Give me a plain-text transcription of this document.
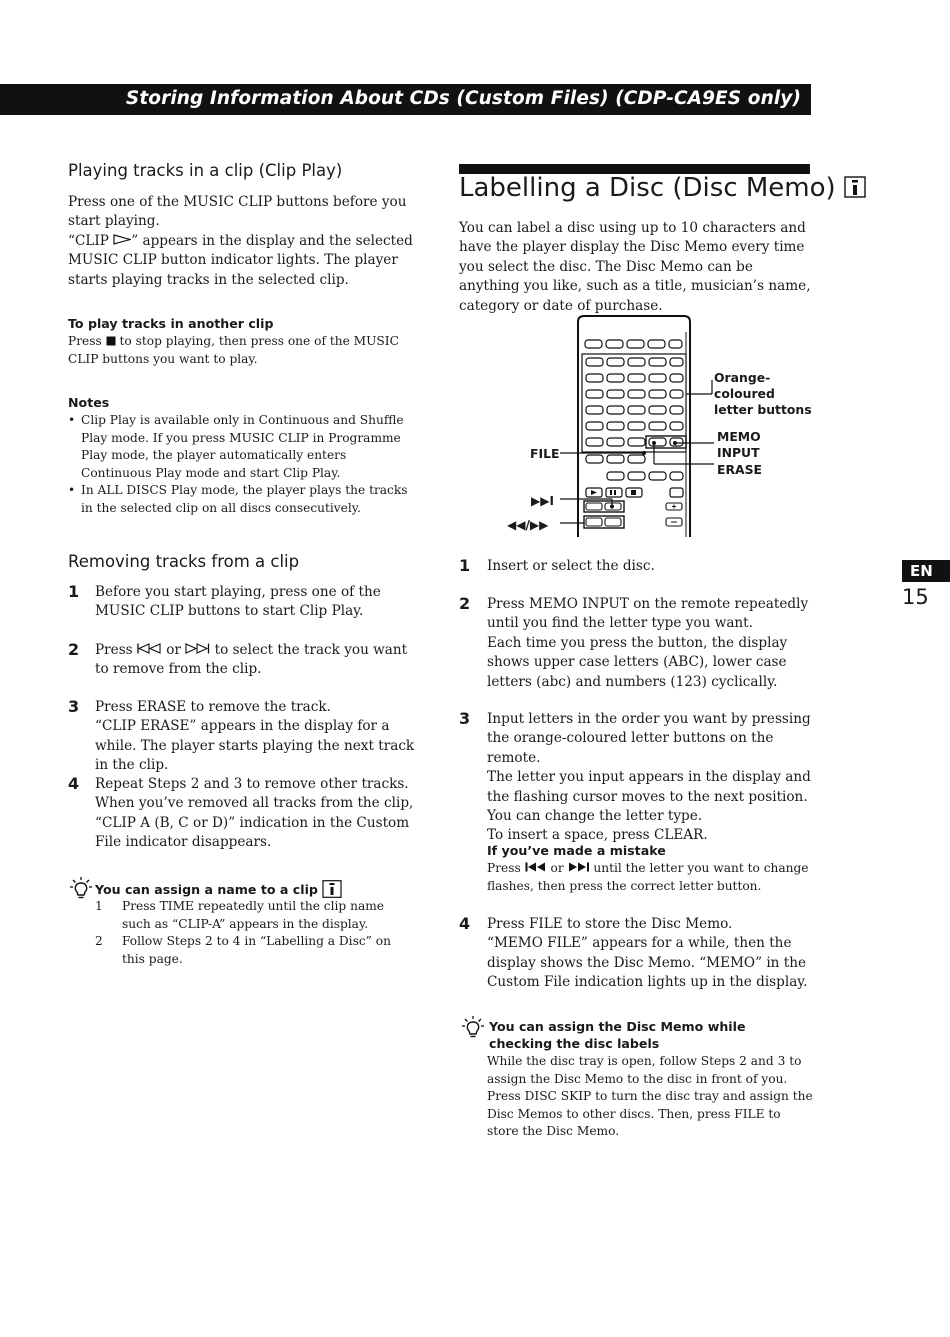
Storing Information About CDs (Custom Files) (CDP-CA9ES only)
Playing tracks in a clip (Clip Play)
Press one of the MUSIC CLIP buttons before you start playing.
“CLIP ” appears in the display and the selected MUSIC CLIP button indicator lights. The player starts playing tracks in the selected clip.
To play tracks in another clip
Press  to stop playing, then press one of the MUSIC CLIP buttons you want to play.
Notes
• Clip Play is available only in Continuous and Shuffle Play mode. If you press MUSIC CLIP in Programme Play mode, the player automatically enters Continuous Play mode and start Clip Play.
• In ALL DISCS Play mode, the player plays the tracks in the selected clip on all discs consecutively.
Removing tracks from a clip
1 Before you start playing, press one of the MUSIC CLIP buttons to start Clip Play.
2 Press  or  to select the track you want to remove from the clip.
3 Press ERASE to remove the track.
“CLIP ERASE” appears in the display for a while. The player starts playing the next track in the clip.
4 Repeat Steps 2 and 3 to remove other tracks.
When you’ve removed all tracks from the clip, “CLIP A (B, C or D)” indication in the Custom File indicator disappears.
You can assign a name to a clip
1 Press TIME repeatedly until the clip name such as “CLIP-A” appears in the display.
2 Follow Steps 2 to 4 in “Labelling a Disc” on this page.
Labelling a Disc (Disc Memo)
You can label a disc using up to 10 characters and have the player display the Disc Memo every time you select the disc. The Disc Memo can be anything you like, such as a title, musician’s name, category or date of purchase.
Orange-
coloured
letter buttons
MEMO
INPUT
ERASE
FILE
▶▶I
◀◀/▶▶
1 Insert or select the disc.
2 Press MEMO INPUT on the remote repeatedly until you find the letter type you want.
Each time you press the button, the display shows upper case letters (ABC), lower case letters (abc) and numbers (123) cyclically.
3 Input letters in the order you want by pressing the orange-coloured letter buttons on the remote.
The letter you input appears in the display and the flashing cursor moves to the next position. You can change the letter type.
To insert a space, press CLEAR.
If you’ve made a mistake
Press  or  until the letter you want to change flashes, then press the correct letter button.
4 Press FILE to store the Disc Memo.
“MEMO FILE” appears for a while, then the display shows the Disc Memo. “MEMO” in the Custom File indication lights up in the display.
You can assign the Disc Memo while checking the disc labels
While the disc tray is open, follow Steps 2 and 3 to assign the Disc Memo to the disc in front of you. Press DISC SKIP to turn the disc tray and assign the Disc Memos to other discs. Then, press FILE to store the Disc Memo.
EN
15
